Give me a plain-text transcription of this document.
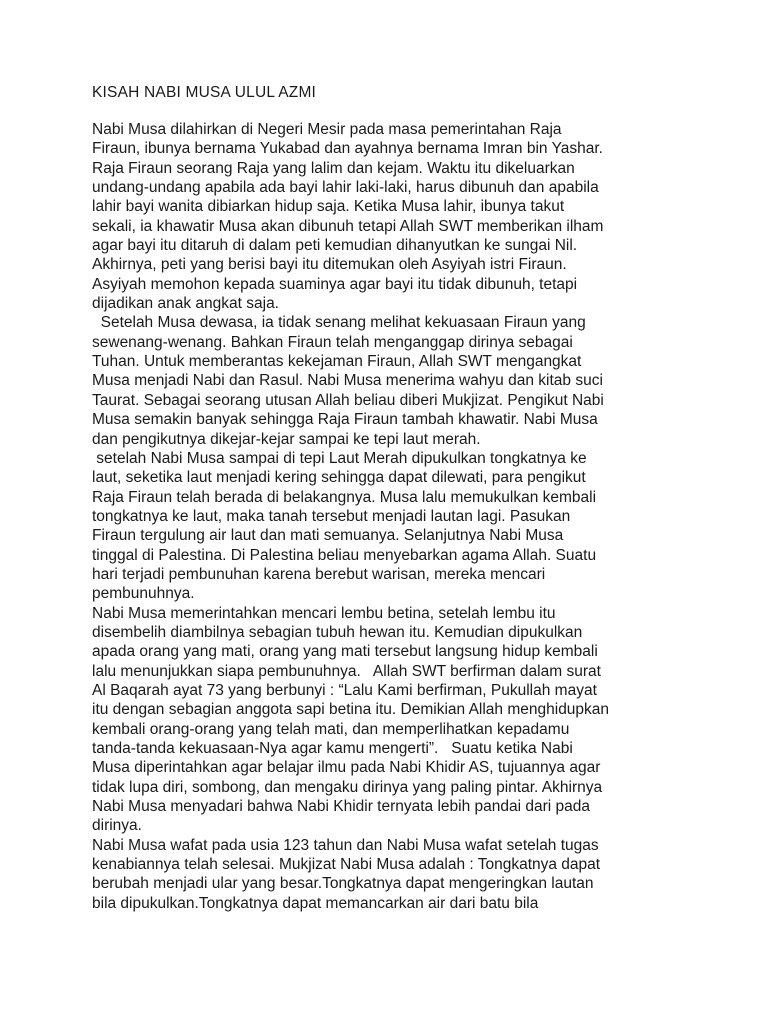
KISAH NABI MUSA ULUL AZMI
Nabi Musa dilahirkan di Negeri Mesir pada masa pemerintahan Raja
Firaun, ibunya bernama Yukabad dan ayahnya bernama Imran bin Yashar.
Raja Firaun seorang Raja yang lalim dan kejam. Waktu itu dikeluarkan
undang-undang apabila ada bayi lahir laki-laki, harus dibunuh dan apabila
lahir bayi wanita dibiarkan hidup saja. Ketika Musa lahir, ibunya takut
sekali, ia khawatir Musa akan dibunuh tetapi Allah SWT memberikan ilham
agar bayi itu ditaruh di dalam peti kemudian dihanyutkan ke sungai Nil.
Akhirnya, peti yang berisi bayi itu ditemukan oleh Asyiyah istri Firaun.
Asyiyah memohon kepada suaminya agar bayi itu tidak dibunuh, tetapi
dijadikan anak angkat saja.
Setelah Musa dewasa, ia tidak senang melihat kekuasaan Firaun yang
sewenang-wenang. Bahkan Firaun telah menganggap dirinya sebagai
Tuhan. Untuk memberantas kekejaman Firaun, Allah SWT mengangkat
Musa menjadi Nabi dan Rasul. Nabi Musa menerima wahyu dan kitab suci
Taurat. Sebagai seorang utusan Allah beliau diberi Mukjizat. Pengikut Nabi
Musa semakin banyak sehingga Raja Firaun tambah khawatir. Nabi Musa
dan pengikutnya dikejar-kejar sampai ke tepi laut merah.
setelah Nabi Musa sampai di tepi Laut Merah dipukulkan tongkatnya ke
laut, seketika laut menjadi kering sehingga dapat dilewati, para pengikut
Raja Firaun telah berada di belakangnya. Musa lalu memukulkan kembali
tongkatnya ke laut, maka tanah tersebut menjadi lautan lagi. Pasukan
Firaun tergulung air laut dan mati semuanya. Selanjutnya Nabi Musa
tinggal di Palestina. Di Palestina beliau menyebarkan agama Allah. Suatu
hari terjadi pembunuhan karena berebut warisan, mereka mencari
pembunuhnya.
Nabi Musa memerintahkan mencari lembu betina, setelah lembu itu
disembelih diambilnya sebagian tubuh hewan itu. Kemudian dipukulkan
apada orang yang mati, orang yang mati tersebut langsung hidup kembali
lalu menunjukkan siapa pembunuhnya.   Allah SWT berfirman dalam surat
Al Baqarah ayat 73 yang berbunyi : “Lalu Kami berfirman, Pukullah mayat
itu dengan sebagian anggota sapi betina itu. Demikian Allah menghidupkan
kembali orang-orang yang telah mati, dan memperlihatkan kepadamu
tanda-tanda kekuasaan-Nya agar kamu mengerti”.   Suatu ketika Nabi
Musa diperintahkan agar belajar ilmu pada Nabi Khidir AS, tujuannya agar
tidak lupa diri, sombong, dan mengaku dirinya yang paling pintar. Akhirnya
Nabi Musa menyadari bahwa Nabi Khidir ternyata lebih pandai dari pada
dirinya.
Nabi Musa wafat pada usia 123 tahun dan Nabi Musa wafat setelah tugas
kenabiannya telah selesai. Mukjizat Nabi Musa adalah : Tongkatnya dapat
berubah menjadi ular yang besar.Tongkatnya dapat mengeringkan lautan
bila dipukulkan.Tongkatnya dapat memancarkan air dari batu bila
